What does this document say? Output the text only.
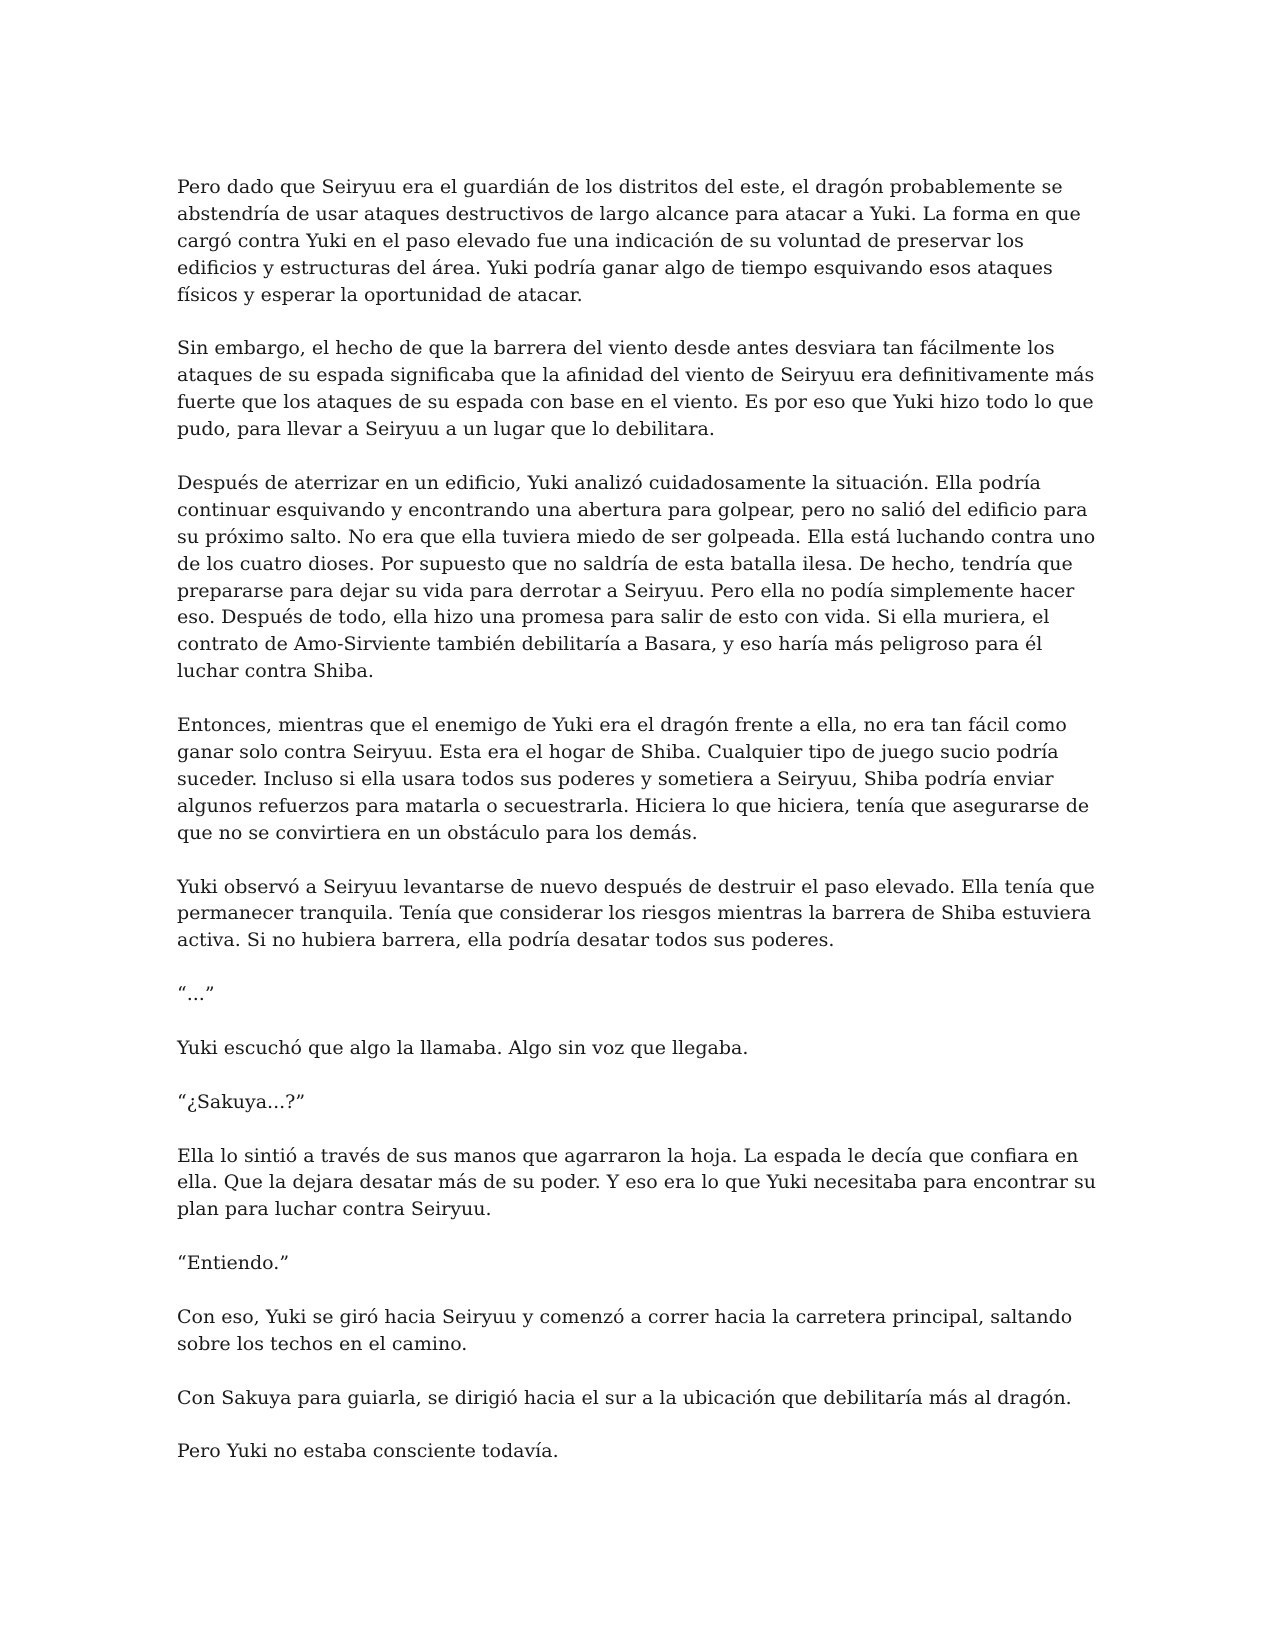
Pero dado que Seiryuu era el guardián de los distritos del este, el dragón probablemente se abstendría de usar ataques destructivos de largo alcance para atacar a Yuki. La forma en que cargó contra Yuki en el paso elevado fue una indicación de su voluntad de preservar los edificios y estructuras del área. Yuki podría ganar algo de tiempo esquivando esos ataques físicos y esperar la oportunidad de atacar.

Sin embargo, el hecho de que la barrera del viento desde antes desviara tan fácilmente los ataques de su espada significaba que la afinidad del viento de Seiryuu era definitivamente más fuerte que los ataques de su espada con base en el viento. Es por eso que Yuki hizo todo lo que pudo, para llevar a Seiryuu a un lugar que lo debilitara.

Después de aterrizar en un edificio, Yuki analizó cuidadosamente la situación. Ella podría continuar esquivando y encontrando una abertura para golpear, pero no salió del edificio para su próximo salto. No era que ella tuviera miedo de ser golpeada. Ella está luchando contra uno de los cuatro dioses. Por supuesto que no saldría de esta batalla ilesa. De hecho, tendría que prepararse para dejar su vida para derrotar a Seiryuu. Pero ella no podía simplemente hacer eso. Después de todo, ella hizo una promesa para salir de esto con vida. Si ella muriera, el contrato de Amo-Sirviente también debilitaría a Basara, y eso haría más peligroso para él luchar contra Shiba.

Entonces, mientras que el enemigo de Yuki era el dragón frente a ella, no era tan fácil como ganar solo contra Seiryuu. Esta era el hogar de Shiba. Cualquier tipo de juego sucio podría suceder. Incluso si ella usara todos sus poderes y sometiera a Seiryuu, Shiba podría enviar algunos refuerzos para matarla o secuestrarla. Hiciera lo que hiciera, tenía que asegurarse de que no se convirtiera en un obstáculo para los demás.

Yuki observó a Seiryuu levantarse de nuevo después de destruir el paso elevado. Ella tenía que permanecer tranquila. Tenía que considerar los riesgos mientras la barrera de Shiba estuviera activa. Si no hubiera barrera, ella podría desatar todos sus poderes.

“...”

Yuki escuchó que algo la llamaba. Algo sin voz que llegaba.

“¿Sakuya...?”

Ella lo sintió a través de sus manos que agarraron la hoja. La espada le decía que confiara en ella. Que la dejara desatar más de su poder. Y eso era lo que Yuki necesitaba para encontrar su plan para luchar contra Seiryuu.

“Entiendo.”

Con eso, Yuki se giró hacia Seiryuu y comenzó a correr hacia la carretera principal, saltando sobre los techos en el camino.

Con Sakuya para guiarla, se dirigió hacia el sur a la ubicación que debilitaría más al dragón.

Pero Yuki no estaba consciente todavía.
